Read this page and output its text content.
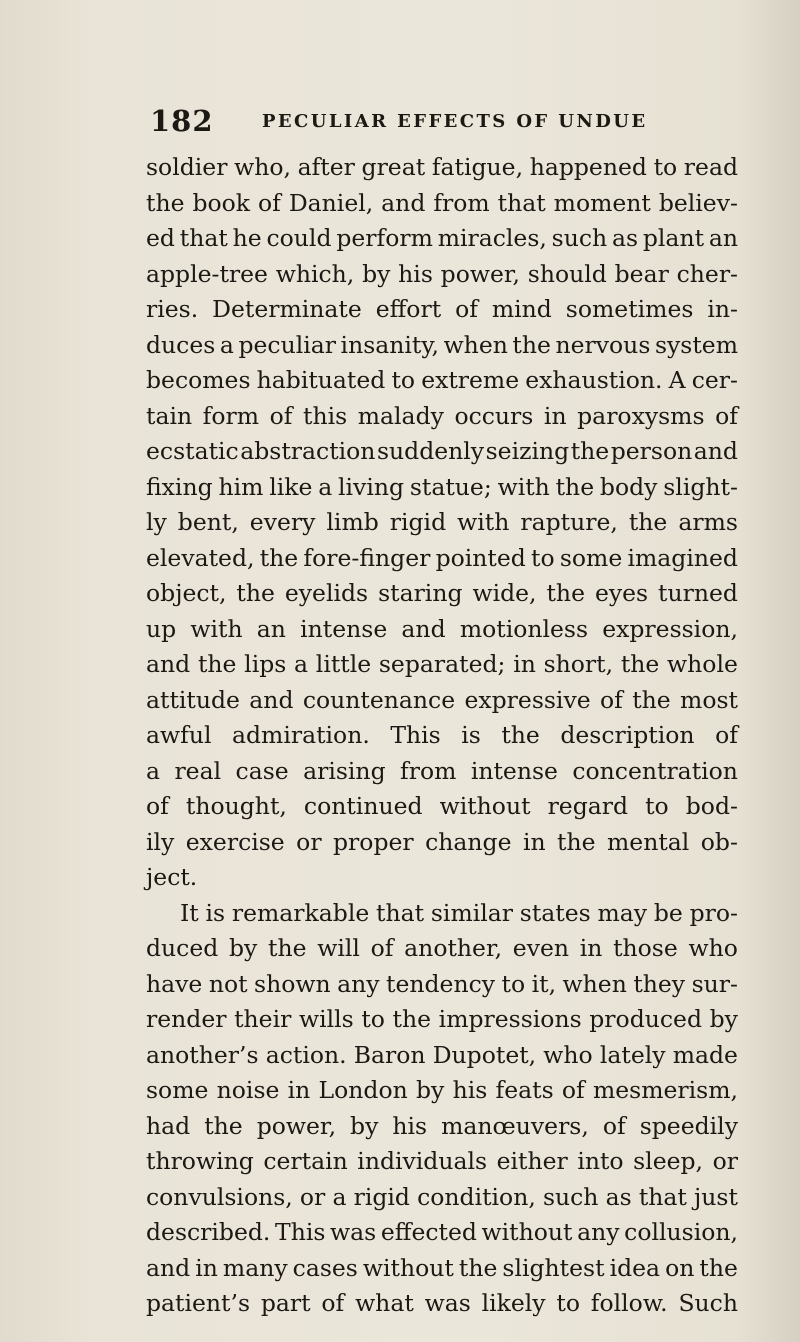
182	PECULIAR EFFECTS OF UNDUE
soldier who, after great fatigue, happened to read
the book of Daniel, and from that moment believ-
ed that he could perform miracles, such as plant an
apple-tree which, by his power, should bear cher-
ries. Determinate effort of mind sometimes in-
duces a peculiar insanity, when the nervous system
becomes habituated to extreme exhaustion. A cer-
tain form of this malady occurs in paroxysms of
ecstatic abstraction suddenly seizing the person and
fixing him like a living statue; with the body slight-
ly bent, every limb rigid with rapture, the arms
elevated, the fore-finger pointed to some imagined
object, the eyelids staring wide, the eyes turned
up with an intense and motionless expression,
and the lips a little separated; in short, the whole
attitude and countenance expressive of the most
awful admiration. This is the description of
a real case arising from intense concentration
of thought, continued without regard to bod-
ily exercise or proper change in the mental ob-
ject.
It is remarkable that similar states may be pro-
duced by the will of another, even in those who
have not shown any tendency to it, when they sur-
render their wills to the impressions produced by
another’s action. Baron Dupotet, who lately made
some noise in London by his feats of mesmerism,
had the power, by his manœuvers, of speedily
throwing certain individuals either into sleep, or
convulsions, or a rigid condition, such as that just
described. This was effected without any collusion,
and in many cases without the slightest idea on the
patient’s part of what was likely to follow. Such
